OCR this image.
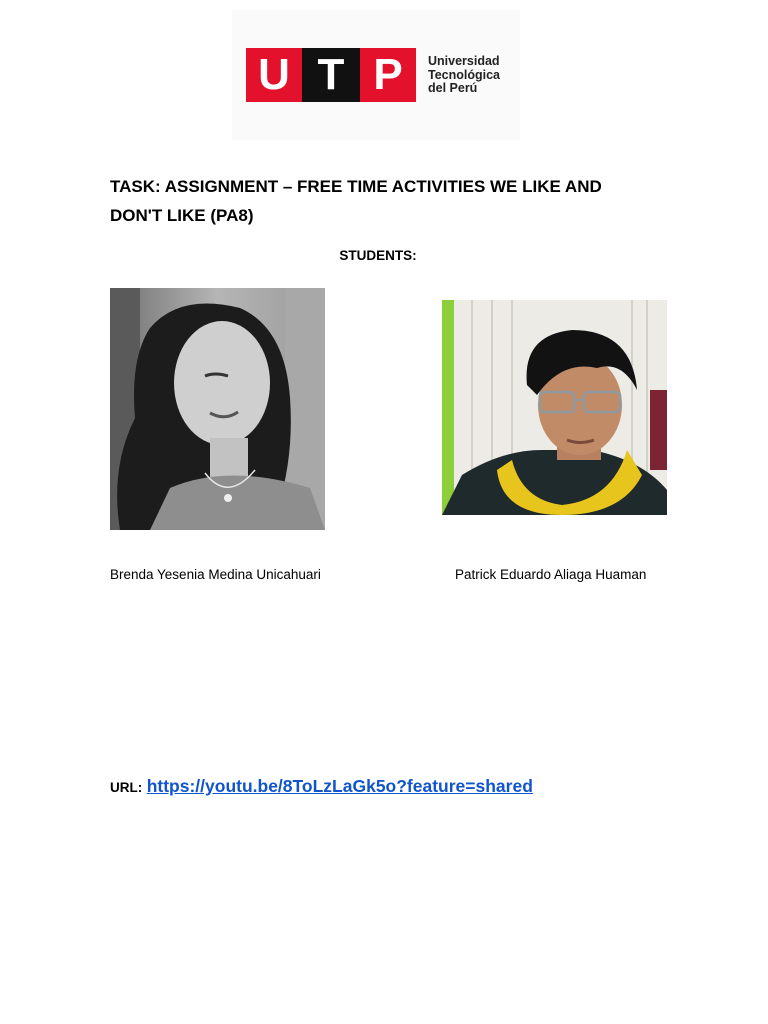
U T P	Universidad
Tecnológica
del Perú
TASK: ASSIGNMENT – FREE TIME ACTIVITIES WE LIKE AND
DON'T LIKE (PA8)
STUDENTS:
Brenda Yesenia Medina Unicahuari	Patrick Eduardo Aliaga Huaman
URL: https://youtu.be/8ToLzLaGk5o?feature=shared
